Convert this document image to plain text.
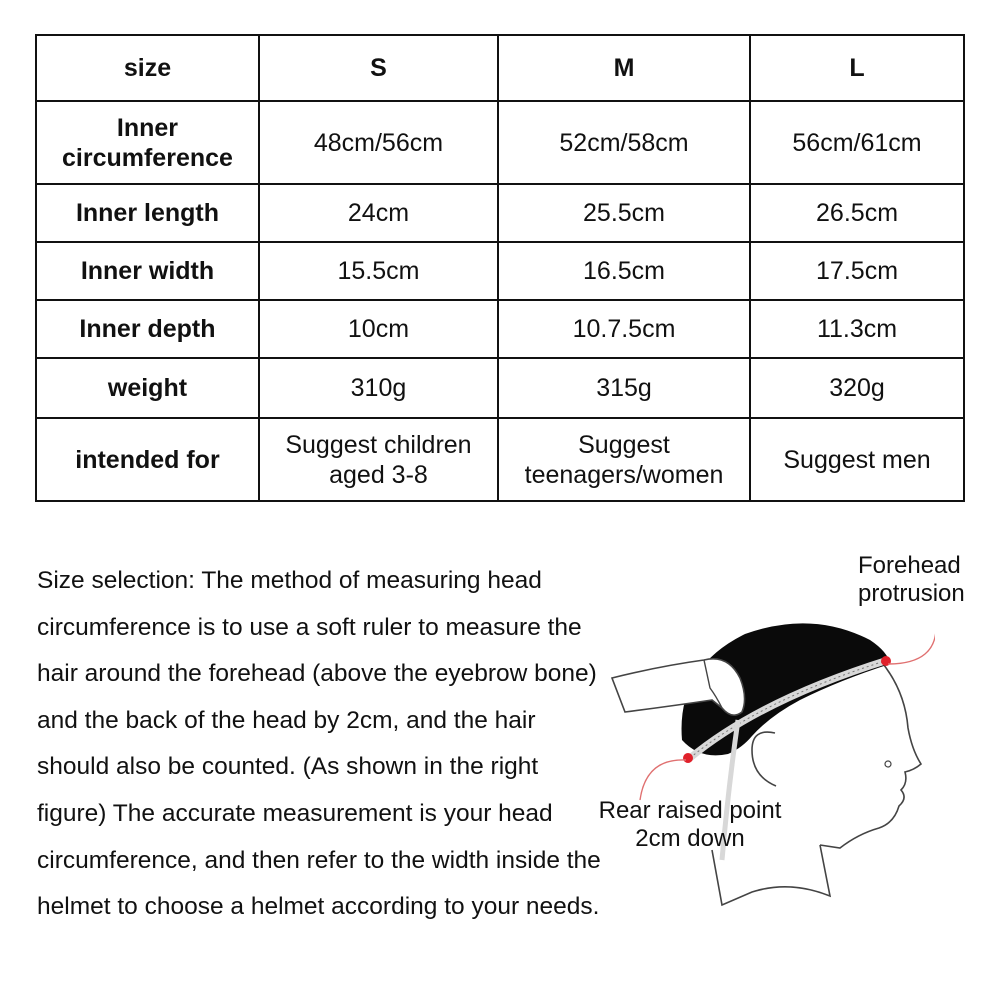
size	S	M	L
Inner circumference	48cm/56cm	52cm/58cm	56cm/61cm
Inner length	24cm	25.5cm	26.5cm
Inner width	15.5cm	16.5cm	17.5cm
Inner depth	10cm	10.7.5cm	11.3cm
weight	310g	315g	320g
intended for	Suggest children aged 3-8	Suggest teenagers/women	Suggest men
Size selection: The method of measuring head circumference is to use a soft ruler to measure the hair around the forehead (above the eyebrow bone) and the back of the head by 2cm, and the hair should also be counted. (As shown in the right figure) The accurate measurement is your head circumference, and then refer to the width inside the helmet to choose a helmet according to your needs.
Forehead protrusion
Rear raised point 2cm down
